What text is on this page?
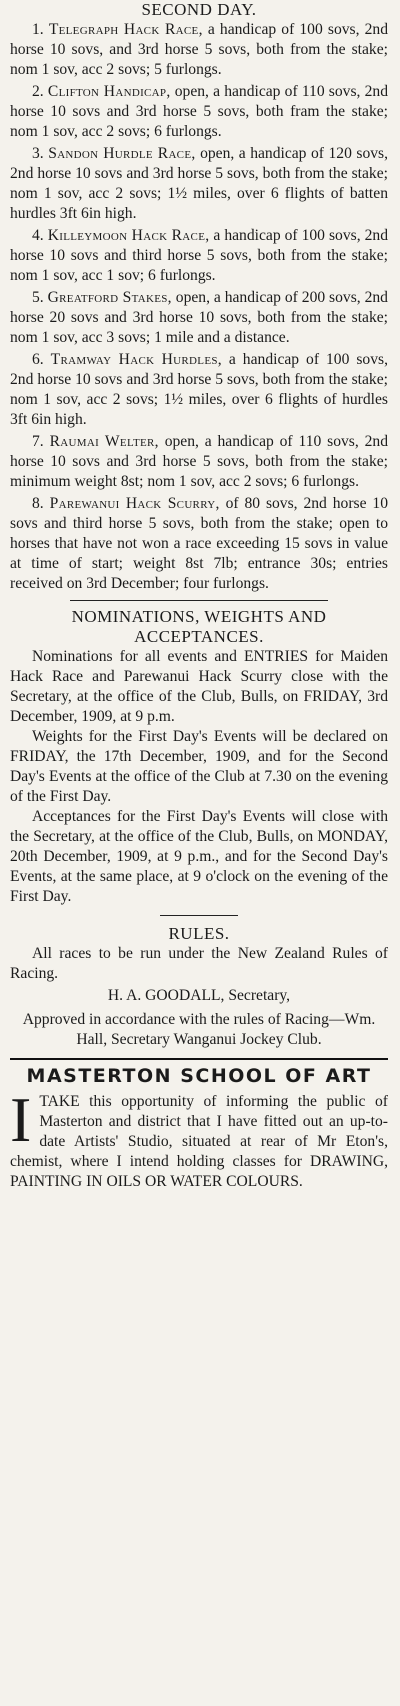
SECOND DAY.

1. Telegraph Hack Race, a handicap of 100 sovs, 2nd horse 10 sovs, and 3rd horse 5 sovs, both from the stake; nom 1 sov, acc 2 sovs; 5 furlongs.

2. Clifton Handicap, open, a handicap of 110 sovs, 2nd horse 10 sovs and 3rd horse 5 sovs, both fram the stake; nom 1 sov, acc 2 sovs; 6 furlongs.

3. Sandon Hurdle Race, open, a handicap of 120 sovs, 2nd horse 10 sovs and 3rd horse 5 sovs, both from the stake; nom 1 sov, acc 2 sovs; 1½ miles, over 6 flights of batten hurdles 3ft 6in high.

4. Killeymoon Hack Race, a handicap of 100 sovs, 2nd horse 10 sovs and third horse 5 sovs, both from the stake; nom 1 sov, acc 1 sov; 6 furlongs.

5. Greatford Stakes, open, a handicap of 200 sovs, 2nd horse 20 sovs and 3rd horse 10 sovs, both from the stake; nom 1 sov, acc 3 sovs; 1 mile and a distance.

6. Tramway Hack Hurdles, a handicap of 100 sovs, 2nd horse 10 sovs and 3rd horse 5 sovs, both from the stake; nom 1 sov, acc 2 sovs; 1½ miles, over 6 flights of hurdles 3ft 6in high.

7. Raumai Welter, open, a handicap of 110 sovs, 2nd horse 10 sovs and 3rd horse 5 sovs, both from the stake; minimum weight 8st; nom 1 sov, acc 2 sovs; 6 furlongs.

8. Parewanui Hack Scurry, of 80 sovs, 2nd horse 10 sovs and third horse 5 sovs, both from the stake; open to horses that have not won a race exceeding 15 sovs in value at time of start; weight 8st 7lb; entrance 30s; entries received on 3rd December; four furlongs.

NOMINATIONS, WEIGHTS AND
ACCEPTANCES.

Nominations for all events and ENTRIES for Maiden Hack Race and Parewanui Hack Scurry close with the Secretary, at the office of the Club, Bulls, on FRIDAY, 3rd December, 1909, at 9 p.m.

Weights for the First Day's Events will be declared on FRIDAY, the 17th December, 1909, and for the Second Day's Events at the office of the Club at 7.30 on the evening of the First Day.

Acceptances for the First Day's Events will close with the Secretary, at the office of the Club, Bulls, on MONDAY, 20th December, 1909, at 9 p.m., and for the Second Day's Events, at the same place, at 9 o'clock on the evening of the First Day.

RULES.

All races to be run under the New Zealand Rules of Racing.

H. A. GOODALL, Secretary,

Approved in accordance with the rules of Racing—Wm. Hall, Secretary Wanganui Jockey Club.

MASTERTON SCHOOL OF ART

ITAKE this opportunity of informing the public of Masterton and district that I have fitted out an up-to-date Artists' Studio, situated at rear of Mr Eton's, chemist, where I intend holding classes for DRAWING, PAINTING IN OILS OR WATER COLOURS.
